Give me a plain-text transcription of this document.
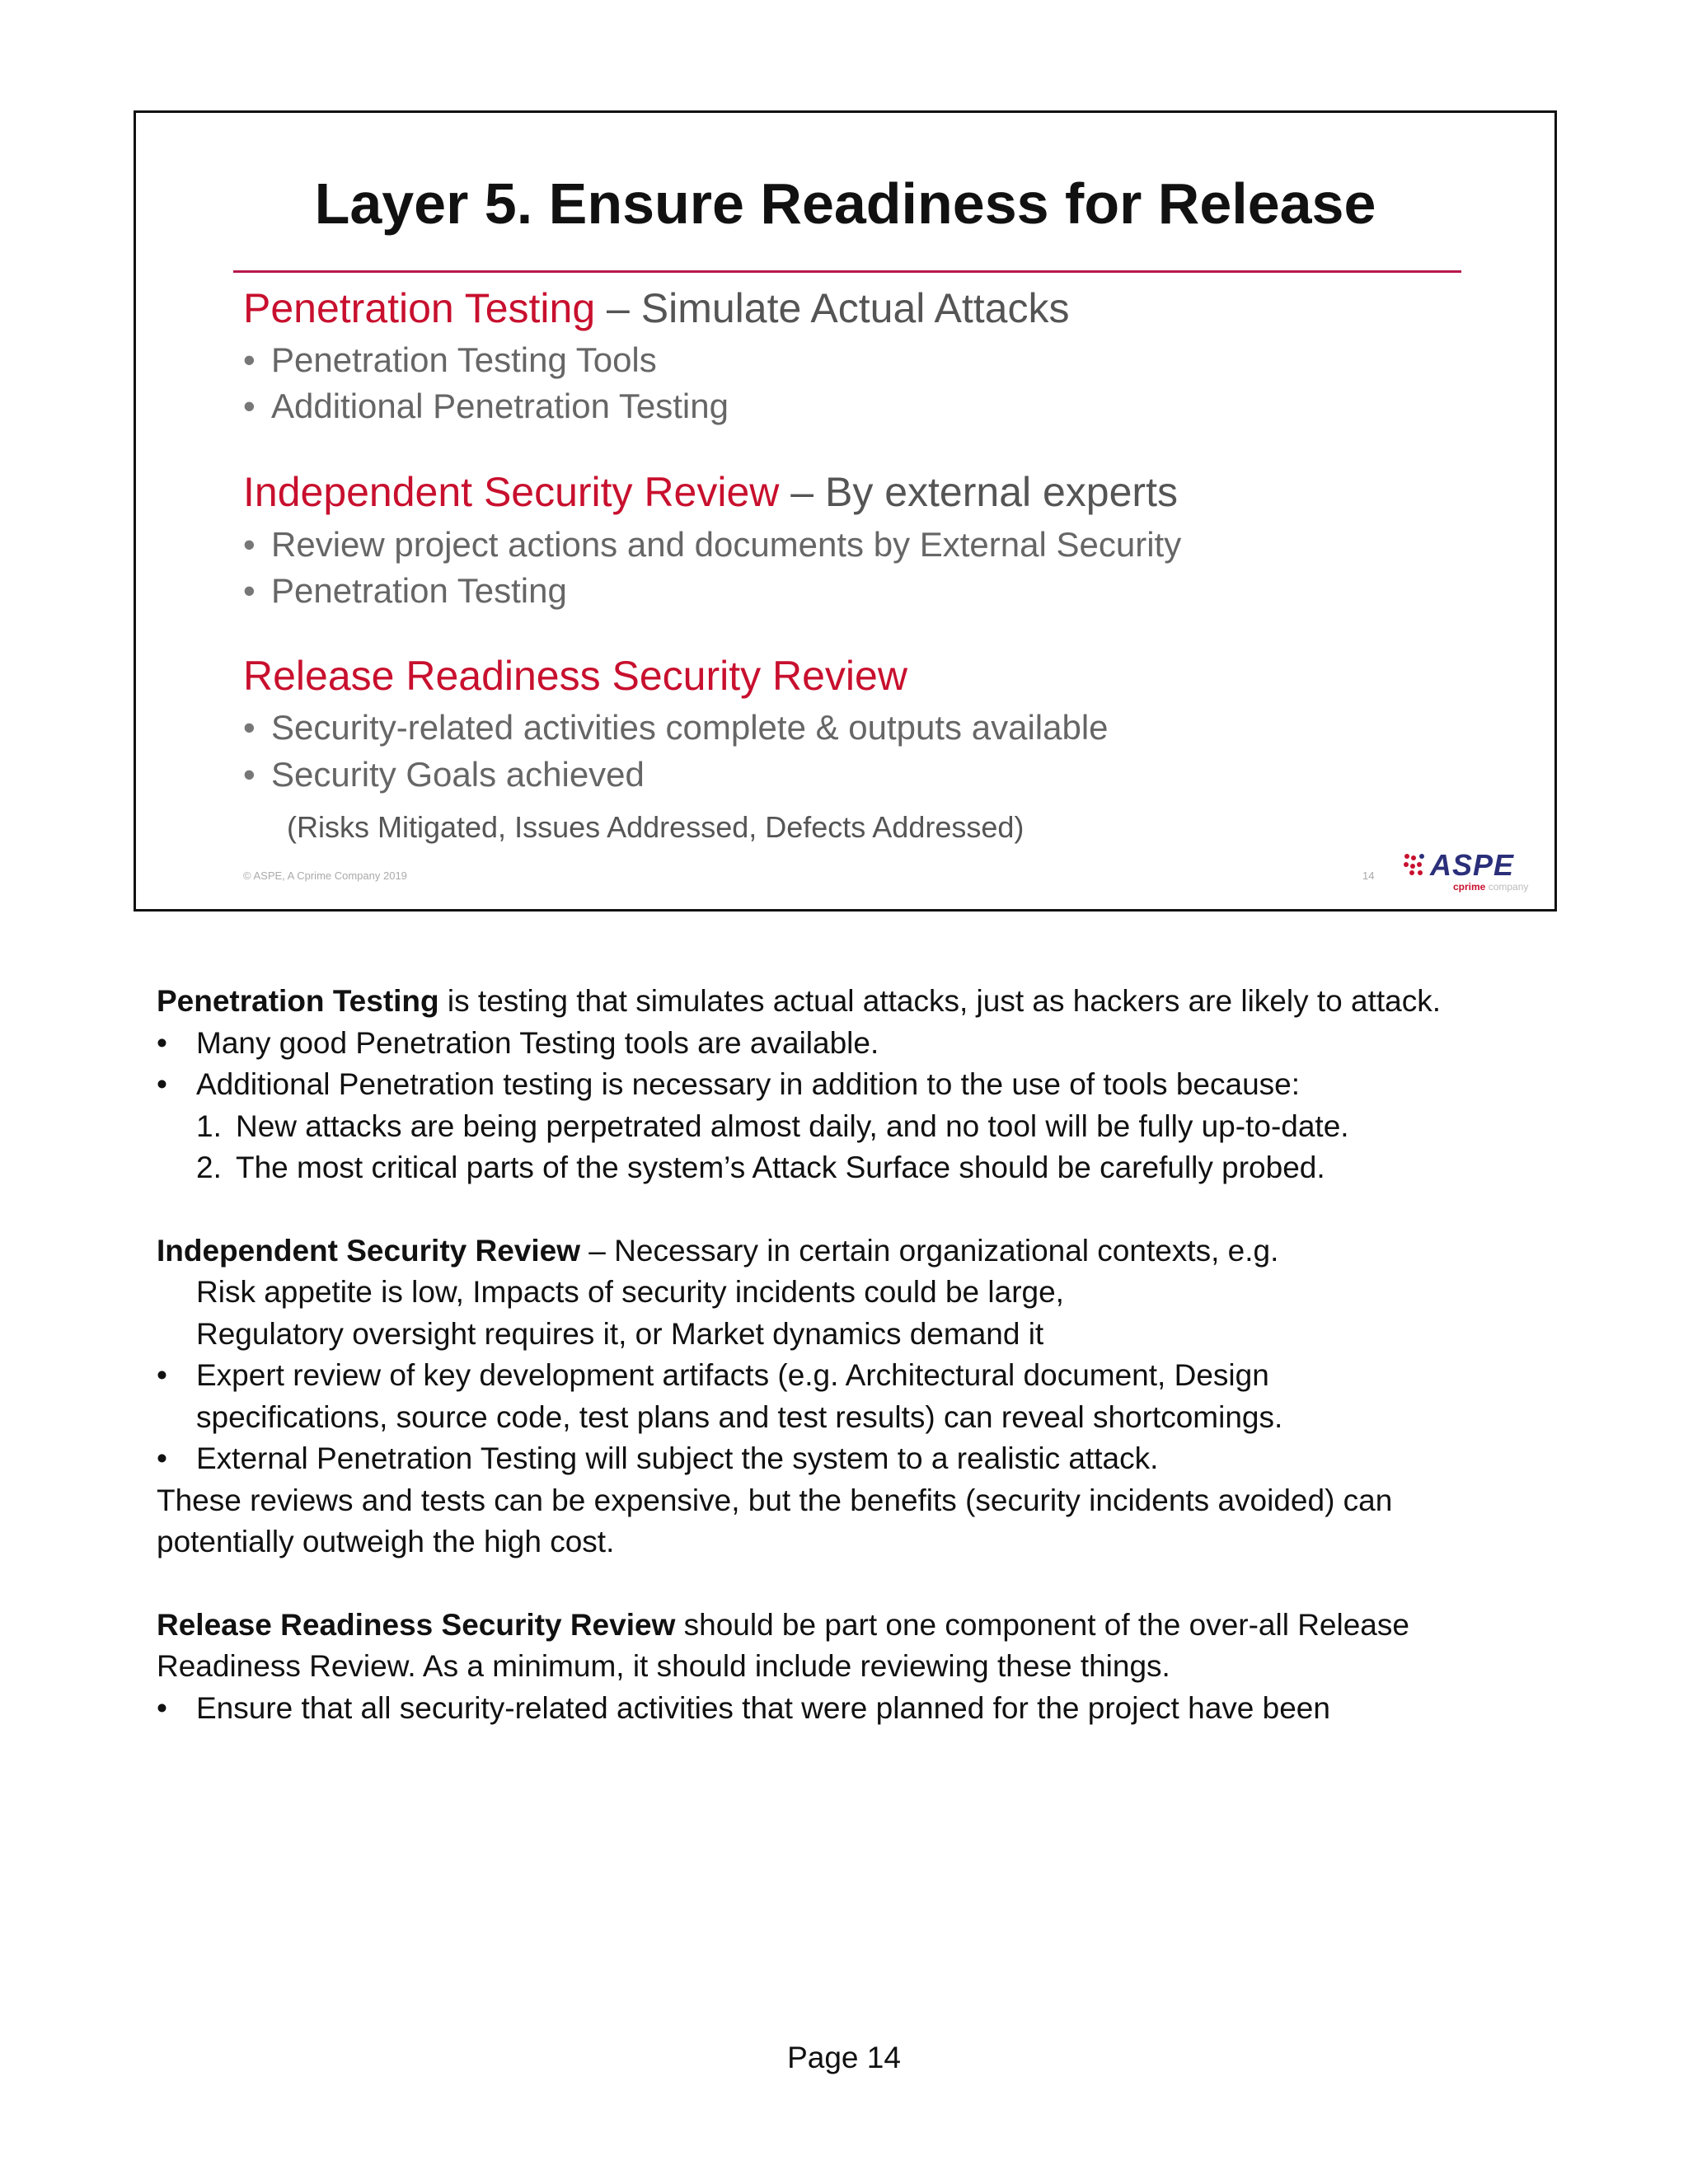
Layer 5. Ensure Readiness for Release
Penetration Testing – Simulate Actual Attacks
• Penetration Testing Tools
• Additional Penetration Testing
Independent Security Review – By external experts
• Review project actions and documents by External Security
• Penetration Testing
Release Readiness Security Review
• Security-related activities complete & outputs available
• Security Goals achieved
(Risks Mitigated, Issues Addressed, Defects Addressed)
© ASPE, A Cprime Company 2019	14 ASPE
cprime company

Penetration Testing is testing that simulates actual attacks, just as hackers are likely to attack.

• Many good Penetration Testing tools are available.

• Additional Penetration testing is necessary in addition to the use of tools because:

1. New attacks are being perpetrated almost daily, and no tool will be fully up-to-date.

2. The most critical parts of the system’s Attack Surface should be carefully probed.

Independent Security Review – Necessary in certain organizational contexts, e.g.

Risk appetite is low, Impacts of security incidents could be large,

Regulatory oversight requires it, or Market dynamics demand it

• Expert review of key development artifacts (e.g. Architectural document, Design
specifications, source code, test plans and test results) can reveal shortcomings.

• External Penetration Testing will subject the system to a realistic attack.

These reviews and tests can be expensive, but the benefits (security incidents avoided) can
potentially outweigh the high cost.

Release Readiness Security Review should be part one component of the over-all Release
Readiness Review. As a minimum, it should include reviewing these things.

• Ensure that all security-related activities that were planned for the project have been

Page 14
